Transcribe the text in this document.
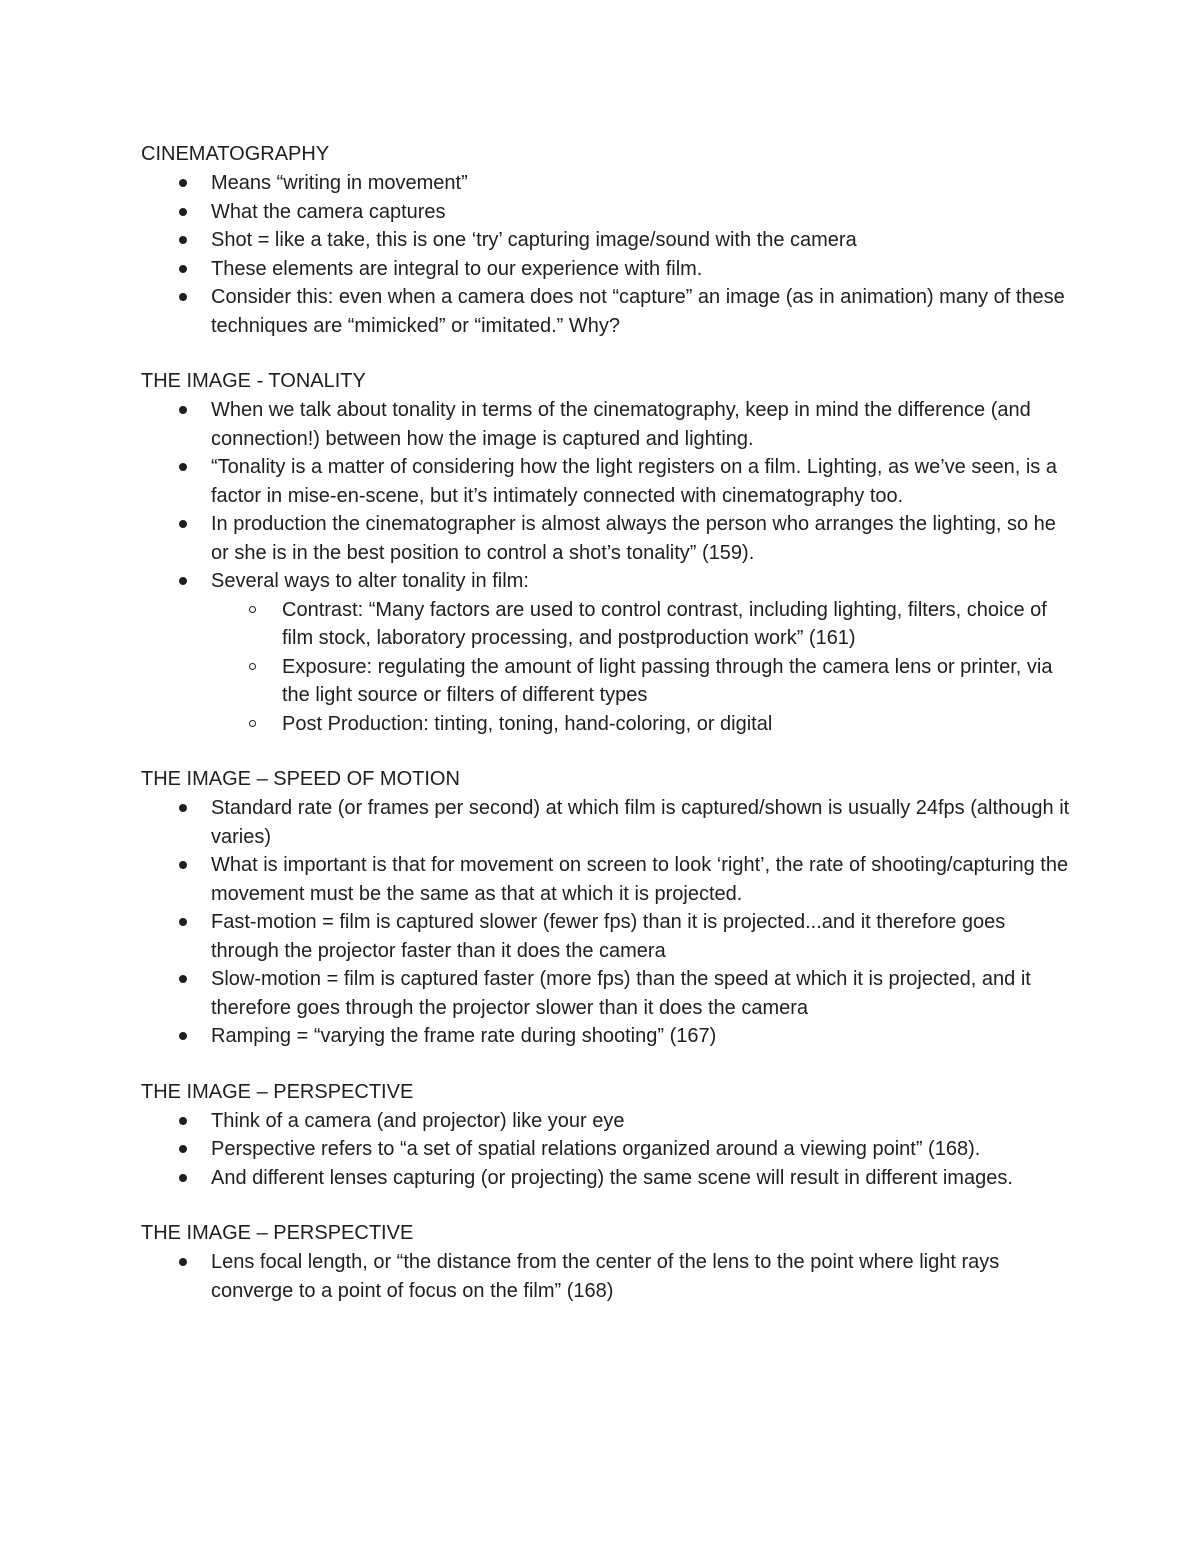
CINEMATOGRAPHY

Means “writing in movement”
What the camera captures
Shot = like a take, this is one ‘try’ capturing image/sound with the camera
These elements are integral to our experience with film.
Consider this: even when a camera does not “capture” an image (as in animation) many of these techniques are “mimicked” or “imitated.” Why?

THE IMAGE - TONALITY

When we talk about tonality in terms of the cinematography, keep in mind the difference (and connection!) between how the image is captured and lighting.
“Tonality is a matter of considering how the light registers on a film. Lighting, as we’ve seen, is a factor in mise-en-scene, but it’s intimately connected with cinematography too.
In production the cinematographer is almost always the person who arranges the lighting, so he or she is in the best position to control a shot’s tonality” (159).
Several ways to alter tonality in film:
Contrast: “Many factors are used to control contrast, including lighting, filters, choice of film stock, laboratory processing, and postproduction work” (161)
Exposure: regulating the amount of light passing through the camera lens or printer, via the light source or filters of different types
Post Production: tinting, toning, hand-coloring, or digital

THE IMAGE – SPEED OF MOTION

Standard rate (or frames per second) at which film is captured/shown is usually 24fps (although it varies)
What is important is that for movement on screen to look ‘right’, the rate of shooting/capturing the movement must be the same as that at which it is projected.
Fast-motion = film is captured slower (fewer fps) than it is projected...and it therefore goes through the projector faster than it does the camera
Slow-motion = film is captured faster (more fps) than the speed at which it is projected, and it therefore goes through the projector slower than it does the camera
Ramping = “varying the frame rate during shooting” (167)

THE IMAGE – PERSPECTIVE

Think of a camera (and projector) like your eye
Perspective refers to “a set of spatial relations organized around a viewing point” (168).
And different lenses capturing (or projecting) the same scene will result in different images.

THE IMAGE – PERSPECTIVE

Lens focal length, or “the distance from the center of the lens to the point where light rays converge to a point of focus on the film” (168)
